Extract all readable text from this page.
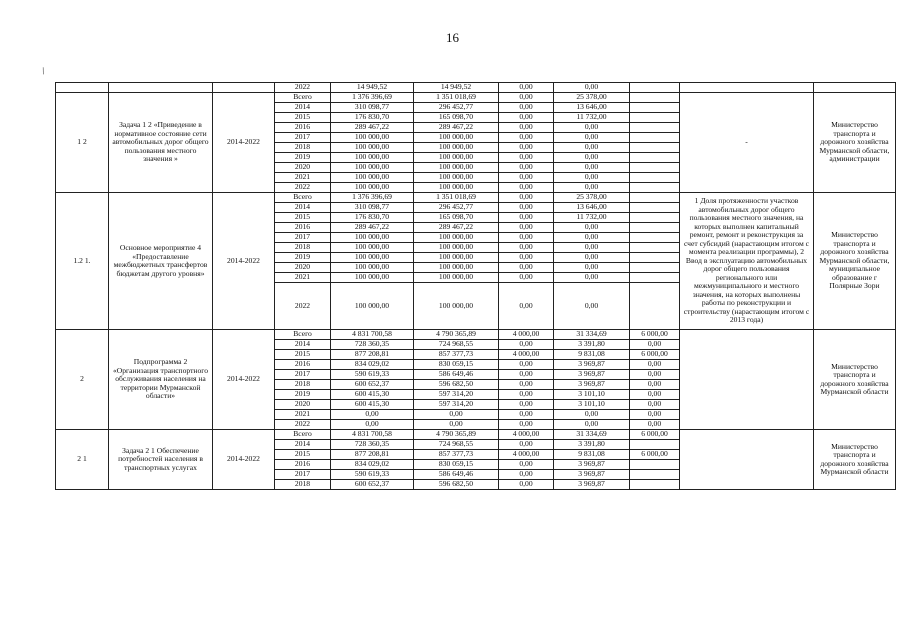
16
/
			2022	14 949,52	14 949,52	0,00	0,00			
1 2	Задача 1 2 «Приведение в нормативное состояние сети автомобильных дорог общего пользования местного значения »	2014-2022	Всего	1 376 396,69	1 351 018,69	0,00	25 378,00		-	Министерство транспорта и дорожного хозяйства Мурманской области, администрации
			2014	310 098,77	296 452,77	0,00	13 646,00			
			2015	176 830,70	165 098,70	0,00	11 732,00			
			2016	289 467,22	289 467,22	0,00	0,00			
			2017	100 000,00	100 000,00	0,00	0,00			
			2018	100 000,00	100 000,00	0,00	0,00			
			2019	100 000,00	100 000,00	0,00	0,00			
			2020	100 000,00	100 000,00	0,00	0,00			
			2021	100 000,00	100 000,00	0,00	0,00			
			2022	100 000,00	100 000,00	0,00	0,00			
1.2 1.	Основное мероприятие 4 «Предоставление межбюджетных трансфертов бюджетам другого уровня»	2014-2022	Всего	1 376 396,69	1 351 018,69	0,00	25 378,00		1 Доля протяженности участков автомобильных дорог общего пользования местного значения, на которых выполнен капитальный ремонт, ремонт и реконструкция за счет субсидий (нарастающим итогом с момента реализации программы), 2 Ввод в эксплуатацию автомобильных дорог общего пользования регионального или межмуниципального и местного значения, на которых выполнены работы по реконструкции и строительству (нарастающим итогом с 2013 года)	Министерство транспорта и дорожного хозяйства Мурманской области, муниципальное образование г Полярные Зори
			2014	310 098,77	296 452,77	0,00	13 646,00			
			2015	176 830,70	165 098,70	0,00	11 732,00			
			2016	289 467,22	289 467,22	0,00	0,00			
			2017	100 000,00	100 000,00	0,00	0,00			
			2018	100 000,00	100 000,00	0,00	0,00			
			2019	100 000,00	100 000,00	0,00	0,00			
			2020	100 000,00	100 000,00	0,00	0,00			
			2021	100 000,00	100 000,00	0,00	0,00			
			2022	100 000,00	100 000,00	0,00	0,00			
2	Подпрограмма 2 «Организация транспортного обслуживания населения на территории Мурманской области»	2014-2022	Всего	4 831 700,58	4 790 365,89	4 000,00	31 334,69	6 000,00		Министерство транспорта и дорожного хозяйства Мурманской области
			2014	728 360,35	724 968,55	0,00	3 391,80	0,00		
			2015	877 208,81	857 377,73	4 000,00	9 831,08	6 000,00		
			2016	834 029,02	830 059,15	0,00	3 969,87	0,00		
			2017	590 619,33	586 649,46	0,00	3 969,87	0,00		
			2018	600 652,37	596 682,50	0,00	3 969,87	0,00		
			2019	600 415,30	597 314,20	0,00	3 101,10	0,00		
			2020	600 415,30	597 314,20	0,00	3 101,10	0,00		
			2021	0,00	0,00	0,00	0,00	0,00		
			2022	0,00	0,00	0,00	0,00	0,00		
2 1	Задача 2 1 Обеспечение потребностей населения в транспортных услугах	2014-2022	Всего	4 831 700,58	4 790 365,89	4 000,00	31 334,69	6 000,00		Министерство транспорта и дорожного хозяйства Мурманской области
			2014	728 360,35	724 968,55	0,00	3 391,80			
			2015	877 208,81	857 377,73	4 000,00	9 831,08	6 000,00		
			2016	834 029,02	830 059,15	0,00	3 969,87			
			2017	590 619,33	586 649,46	0,00	3 969,87			
			2018	600 652,37	596 682,50	0,00	3 969,87			
